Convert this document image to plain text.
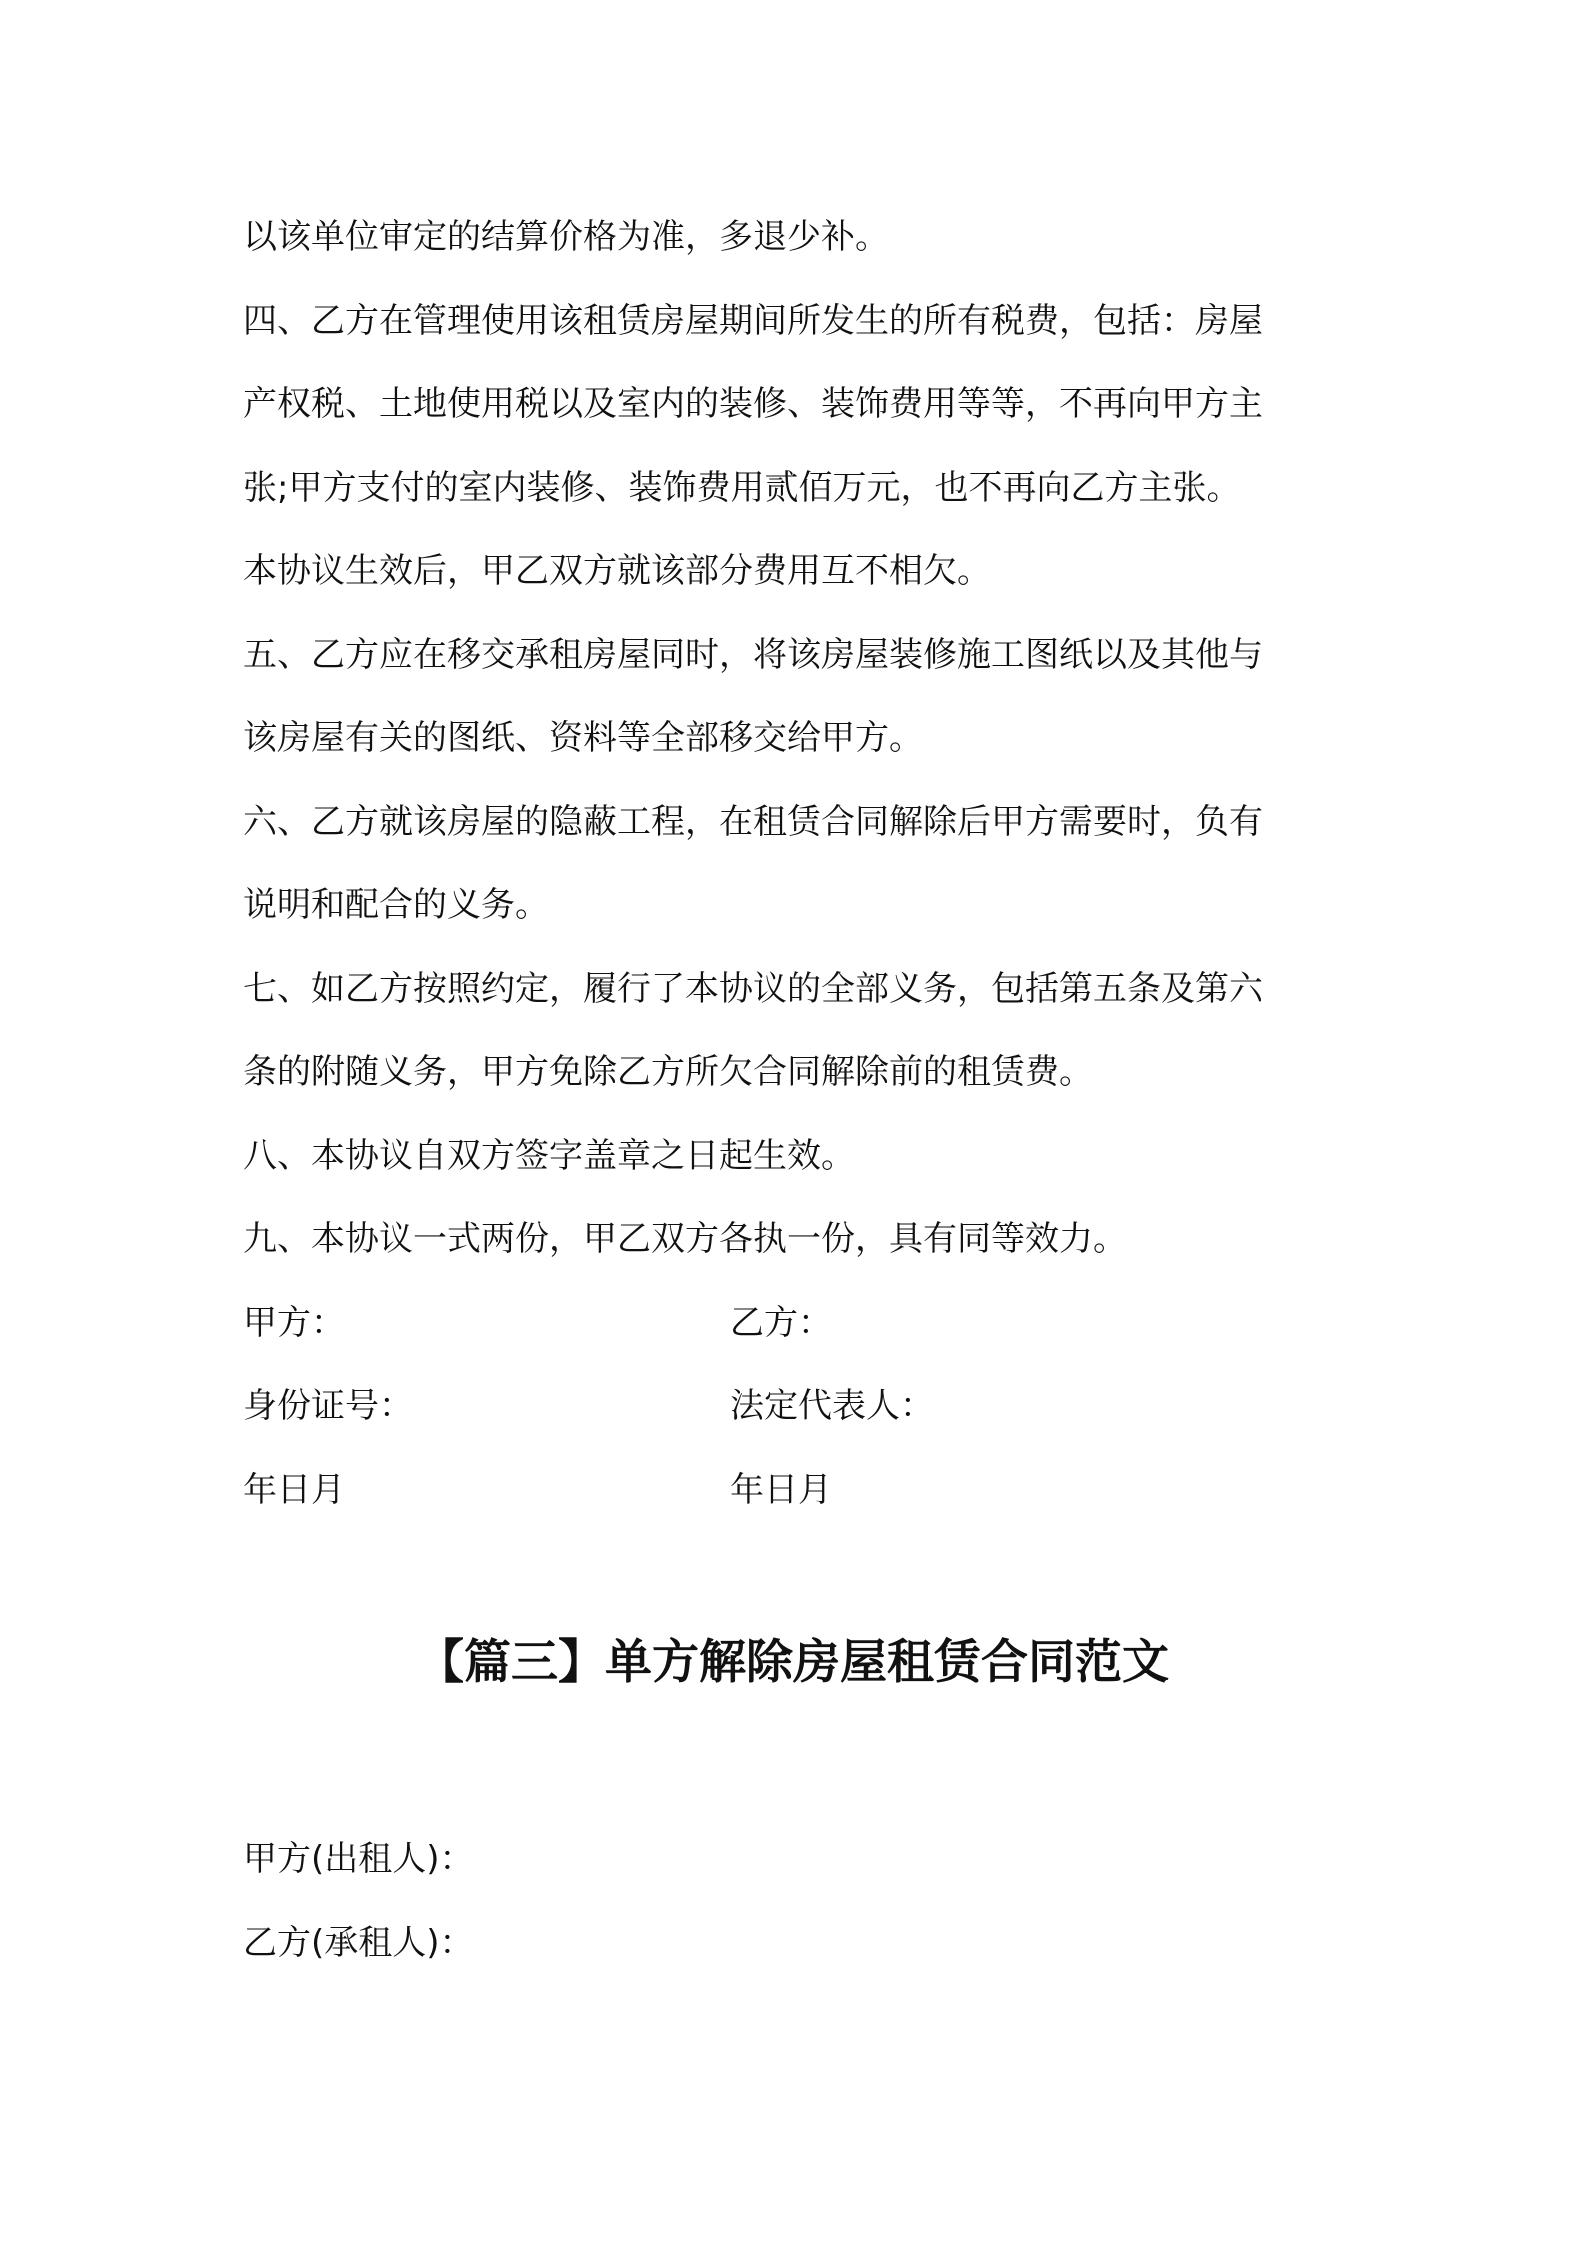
以该单位审定的结算价格为准，多退少补。
四、乙方在管理使用该租赁房屋期间所发生的所有税费，包括：房屋
产权税、土地使用税以及室内的装修、装饰费用等等，不再向甲方主
张;甲方支付的室内装修、装饰费用贰佰万元，也不再向乙方主张。
本协议生效后，甲乙双方就该部分费用互不相欠。
五、乙方应在移交承租房屋同时，将该房屋装修施工图纸以及其他与
该房屋有关的图纸、资料等全部移交给甲方。
六、乙方就该房屋的隐蔽工程，在租赁合同解除后甲方需要时，负有
说明和配合的义务。
七、如乙方按照约定，履行了本协议的全部义务，包括第五条及第六
条的附随义务，甲方免除乙方所欠合同解除前的租赁费。
八、本协议自双方签字盖章之日起生效。
九、本协议一式两份，甲乙双方各执一份，具有同等效力。
甲方：	乙方：
身份证号：	法定代表人：
年日月	年日月
【篇三】单方解除房屋租赁合同范文
甲方(出租人)：
乙方(承租人)：
